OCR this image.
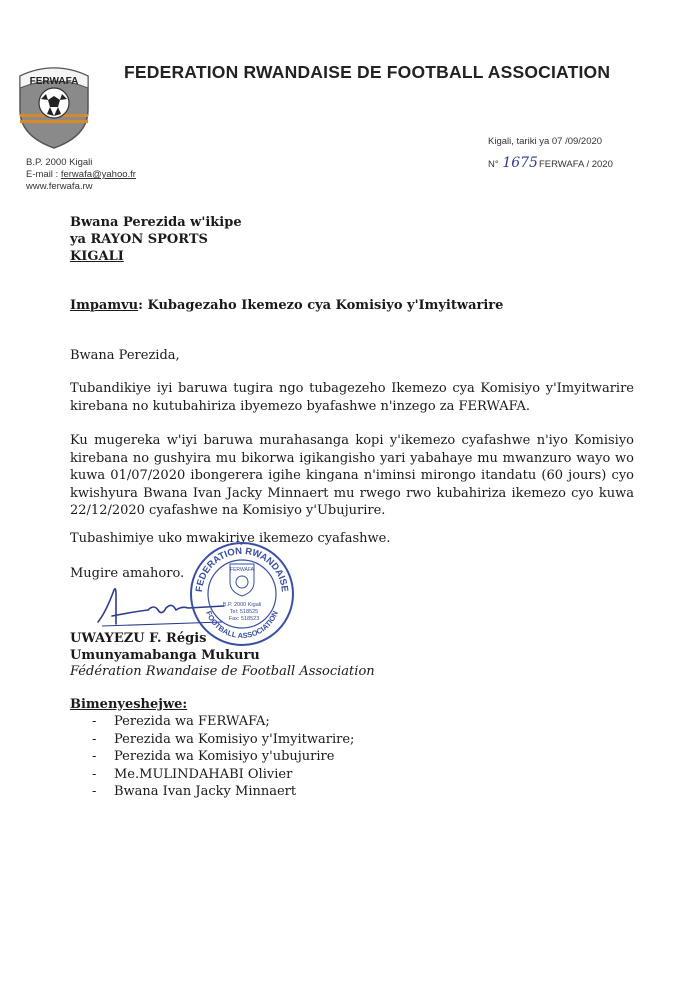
FERWAFA	FEDERATION RWANDAISE DE FOOTBALL ASSOCIATION
B.P. 2000 Kigali
E-mail : ferwafa@yahoo.fr
www.ferwafa.rw
Kigali, tariki ya 07 /09/2020
N° 1675FERWAFA / 2020
Bwana Perezida w'ikipe
ya RAYON SPORTS
KIGALI
Impamvu: Kubagezaho Ikemezo cya Komisiyo y'Imyitwarire
Bwana Perezida,
Tubandikiye iyi baruwa tugira ngo tubagezeho Ikemezo cya Komisiyo y'Imyitwarire kirebana no kutubahiriza ibyemezo byafashwe n'inzego za FERWAFA.
Ku mugereka w'iyi baruwa murahasanga kopi y'ikemezo cyafashwe n'iyo Komisiyo kirebana no gushyira mu bikorwa igikangisho yari yabahaye mu mwanzuro wayo wo kuwa 01/07/2020 ibongerera igihe kingana n'iminsi mirongo itandatu (60 jours) cyo kwishyura Bwana Ivan Jacky Minnaert mu rwego rwo kubahiriza ikemezo cyo kuwa 22/12/2020 cyafashwe na Komisiyo y'Ubujurire.
Tubashimiye uko mwakiriye ikemezo cyafashwe.
Mugire amahoro.
FEDERATION RWANDAISE
FOOTBALL ASSOCIATION
FERWAFA
B.P. 2000 Kigali
Tel: 518525
Fax: 518523
UWAYEZU F. Régis
Umunyamabanga Mukuru
Fédération Rwandaise de Football Association
Bimenyeshejwe:
- Perezida wa FERWAFA;
- Perezida wa Komisiyo y'Imyitwarire;
- Perezida wa Komisiyo y'ubujurire
- Me.MULINDAHABI Olivier
- Bwana Ivan Jacky Minnaert
